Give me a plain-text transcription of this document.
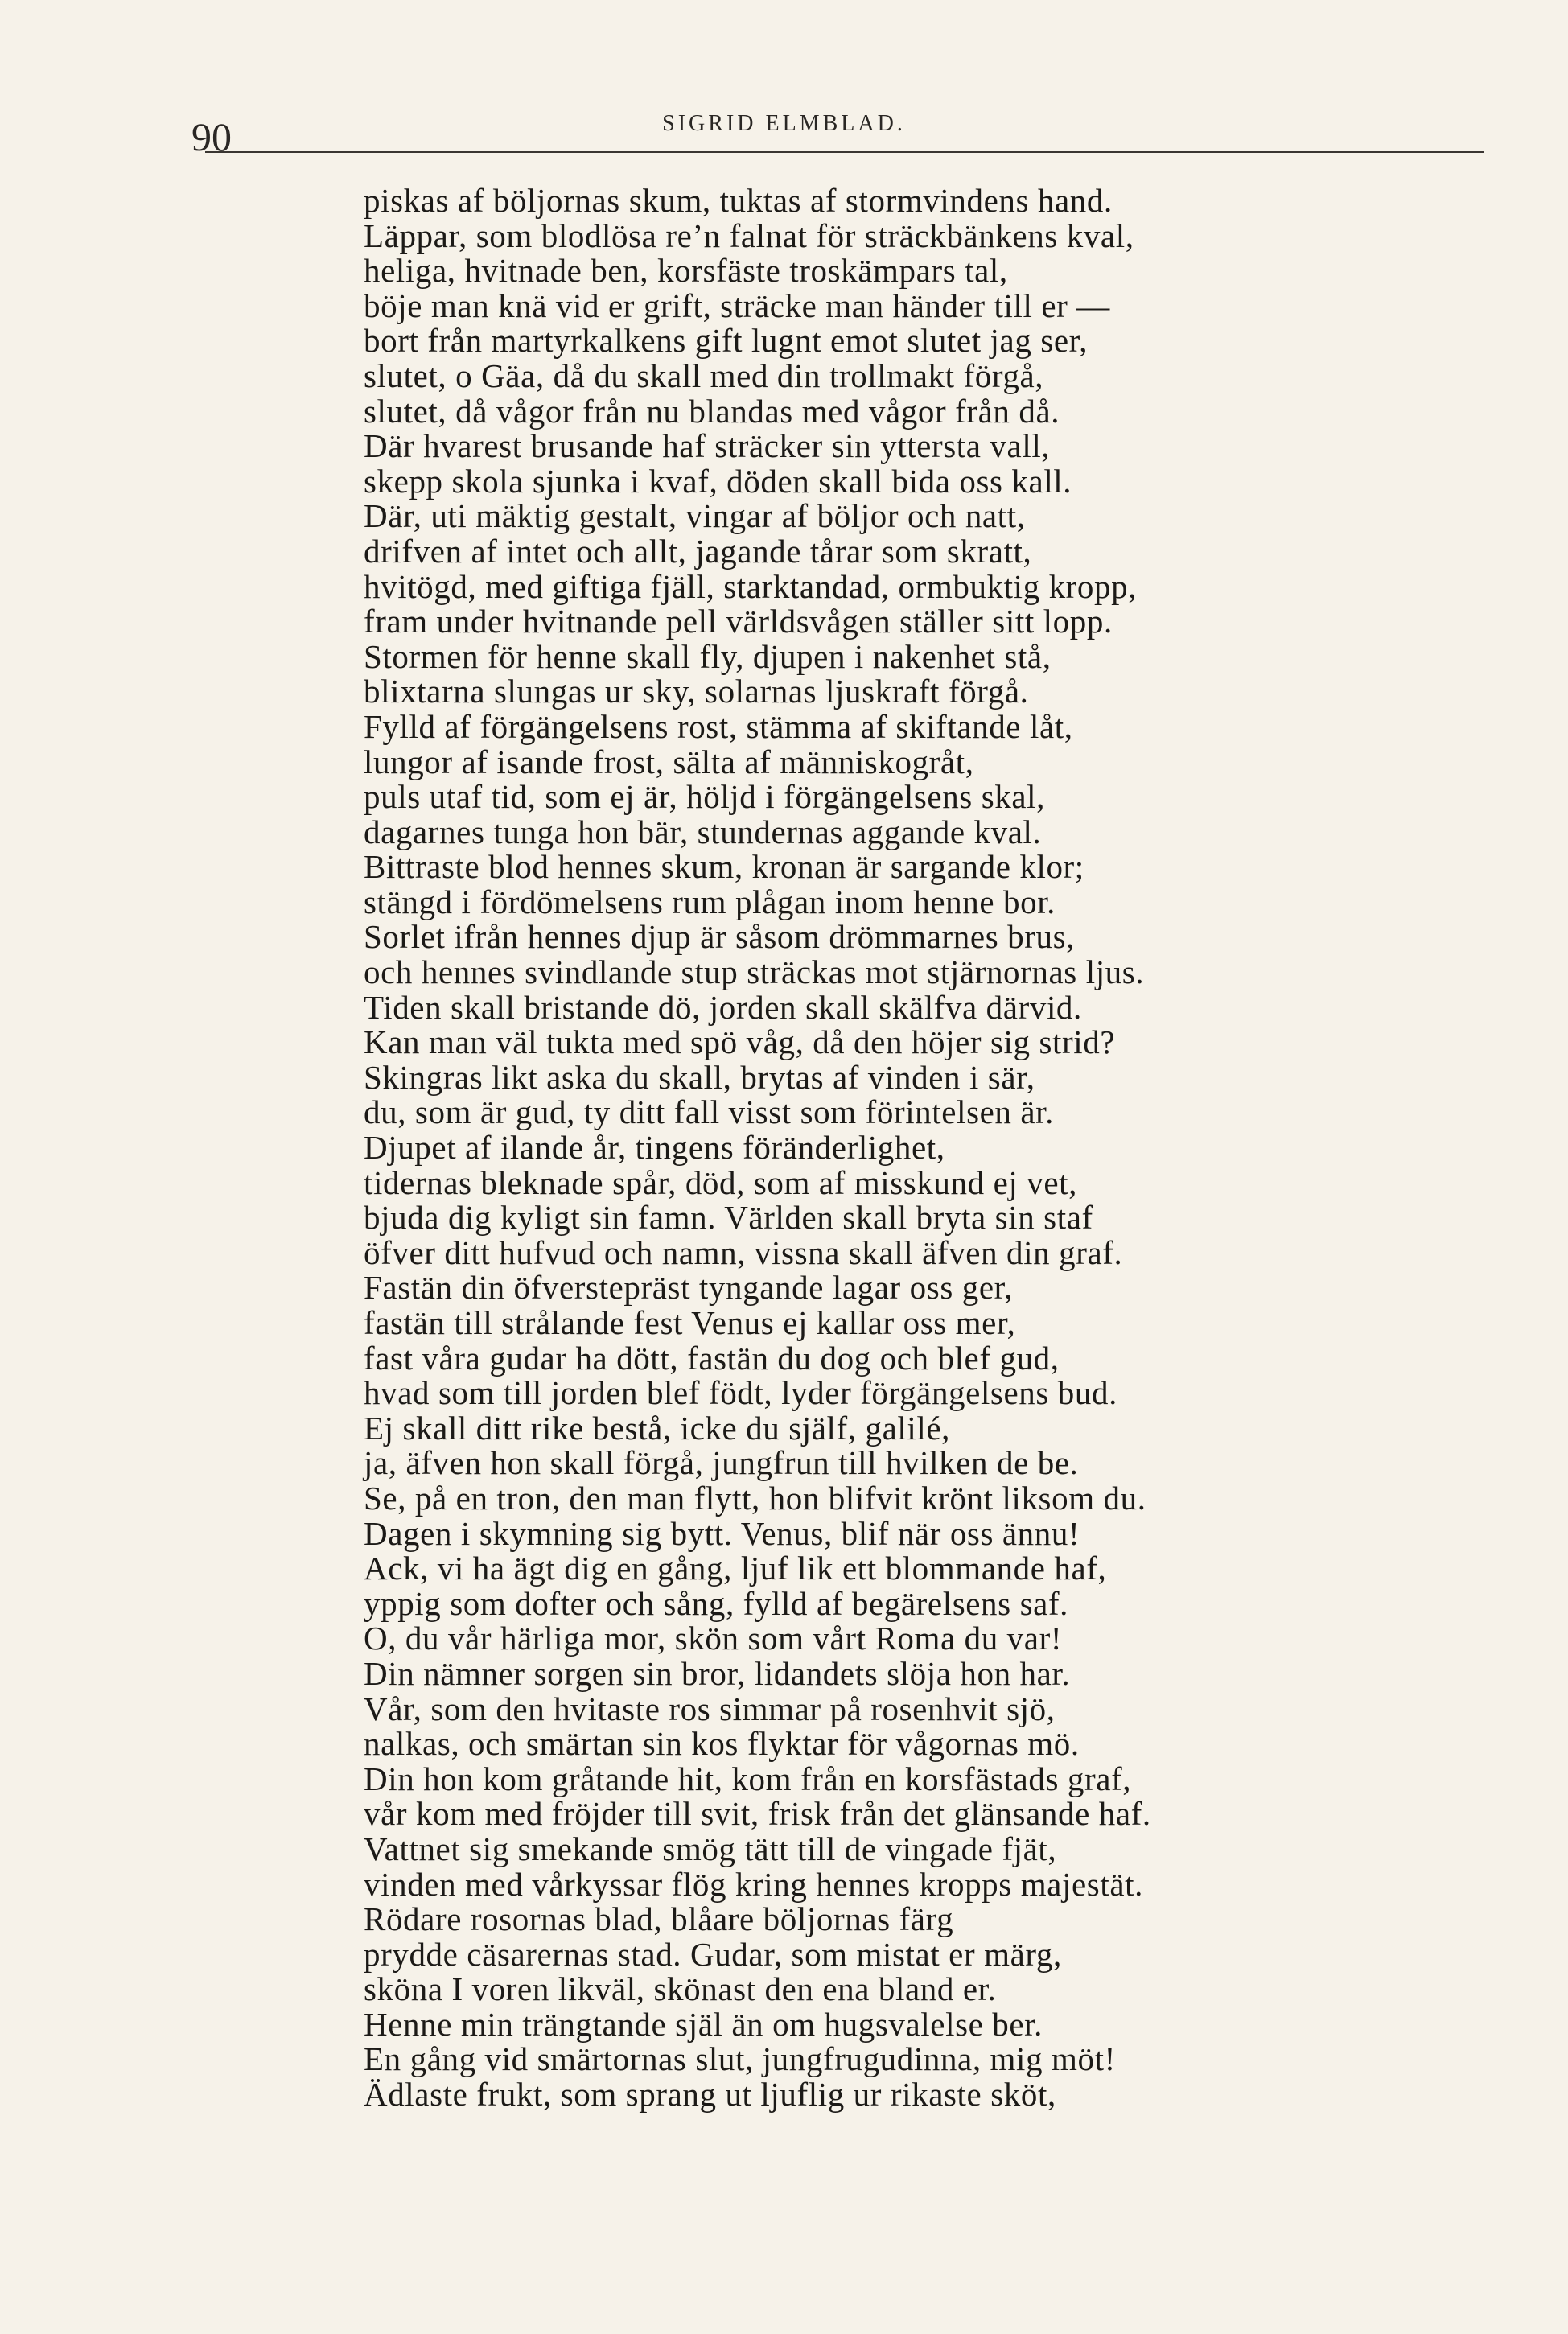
90	SIGRID ELMBLAD.
piskas af böljornas skum, tuktas af stormvindens hand.
Läppar, som blodlösa re’n falnat för sträckbänkens kval,
heliga, hvitnade ben, korsfäste troskämpars tal,
böje man knä vid er grift, sträcke man händer till er —
bort från martyrkalkens gift lugnt emot slutet jag ser,
slutet, o Gäa, då du skall med din trollmakt förgå,
slutet, då vågor från nu blandas med vågor från då.
Där hvarest brusande haf sträcker sin yttersta vall,
skepp skola sjunka i kvaf, döden skall bida oss kall.
Där, uti mäktig gestalt, vingar af böljor och natt,
drifven af intet och allt, jagande tårar som skratt,
hvitögd, med giftiga fjäll, starktandad, ormbuktig kropp,
fram under hvitnande pell världsvågen ställer sitt lopp.
Stormen för henne skall fly, djupen i nakenhet stå,
blixtarna slungas ur sky, solarnas ljuskraft förgå.
Fylld af förgängelsens rost, stämma af skiftande låt,
lungor af isande frost, sälta af människogråt,
puls utaf tid, som ej är, höljd i förgängelsens skal,
dagarnes tunga hon bär, stundernas aggande kval.
Bittraste blod hennes skum, kronan är sargande klor;
stängd i fördömelsens rum plågan inom henne bor.
Sorlet ifrån hennes djup är såsom drömmarnes brus,
och hennes svindlande stup sträckas mot stjärnornas ljus.
Tiden skall bristande dö, jorden skall skälfva därvid.
Kan man väl tukta med spö våg, då den höjer sig strid?
Skingras likt aska du skall, brytas af vinden i sär,
du, som är gud, ty ditt fall visst som förintelsen är.
Djupet af ilande år, tingens föränderlighet,
tidernas bleknade spår, död, som af misskund ej vet,
bjuda dig kyligt sin famn. Världen skall bryta sin staf
öfver ditt hufvud och namn, vissna skall äfven din graf.
Fastän din öfverstepräst tyngande lagar oss ger,
fastän till strålande fest Venus ej kallar oss mer,
fast våra gudar ha dött, fastän du dog och blef gud,
hvad som till jorden blef födt, lyder förgängelsens bud.
Ej skall ditt rike bestå, icke du själf, galilé,
ja, äfven hon skall förgå, jungfrun till hvilken de be.
Se, på en tron, den man flytt, hon blifvit krönt liksom du.
Dagen i skymning sig bytt. Venus, blif när oss ännu!
Ack, vi ha ägt dig en gång, ljuf lik ett blommande haf,
yppig som dofter och sång, fylld af begärelsens saf.
O, du vår härliga mor, skön som vårt Roma du var!
Din nämner sorgen sin bror, lidandets slöja hon har.
Vår, som den hvitaste ros simmar på rosenhvit sjö,
nalkas, och smärtan sin kos flyktar för vågornas mö.
Din hon kom gråtande hit, kom från en korsfästads graf,
vår kom med fröjder till svit, frisk från det glänsande haf.
Vattnet sig smekande smög tätt till de vingade fjät,
vinden med vårkyssar flög kring hennes kropps majestät.
Rödare rosornas blad, blåare böljornas färg
prydde cäsarernas stad. Gudar, som mistat er märg,
sköna I voren likväl, skönast den ena bland er.
Henne min trängtande själ än om hugsvalelse ber.
En gång vid smärtornas slut, jungfrugudinna, mig möt!
Ädlaste frukt, som sprang ut ljuflig ur rikaste sköt,
